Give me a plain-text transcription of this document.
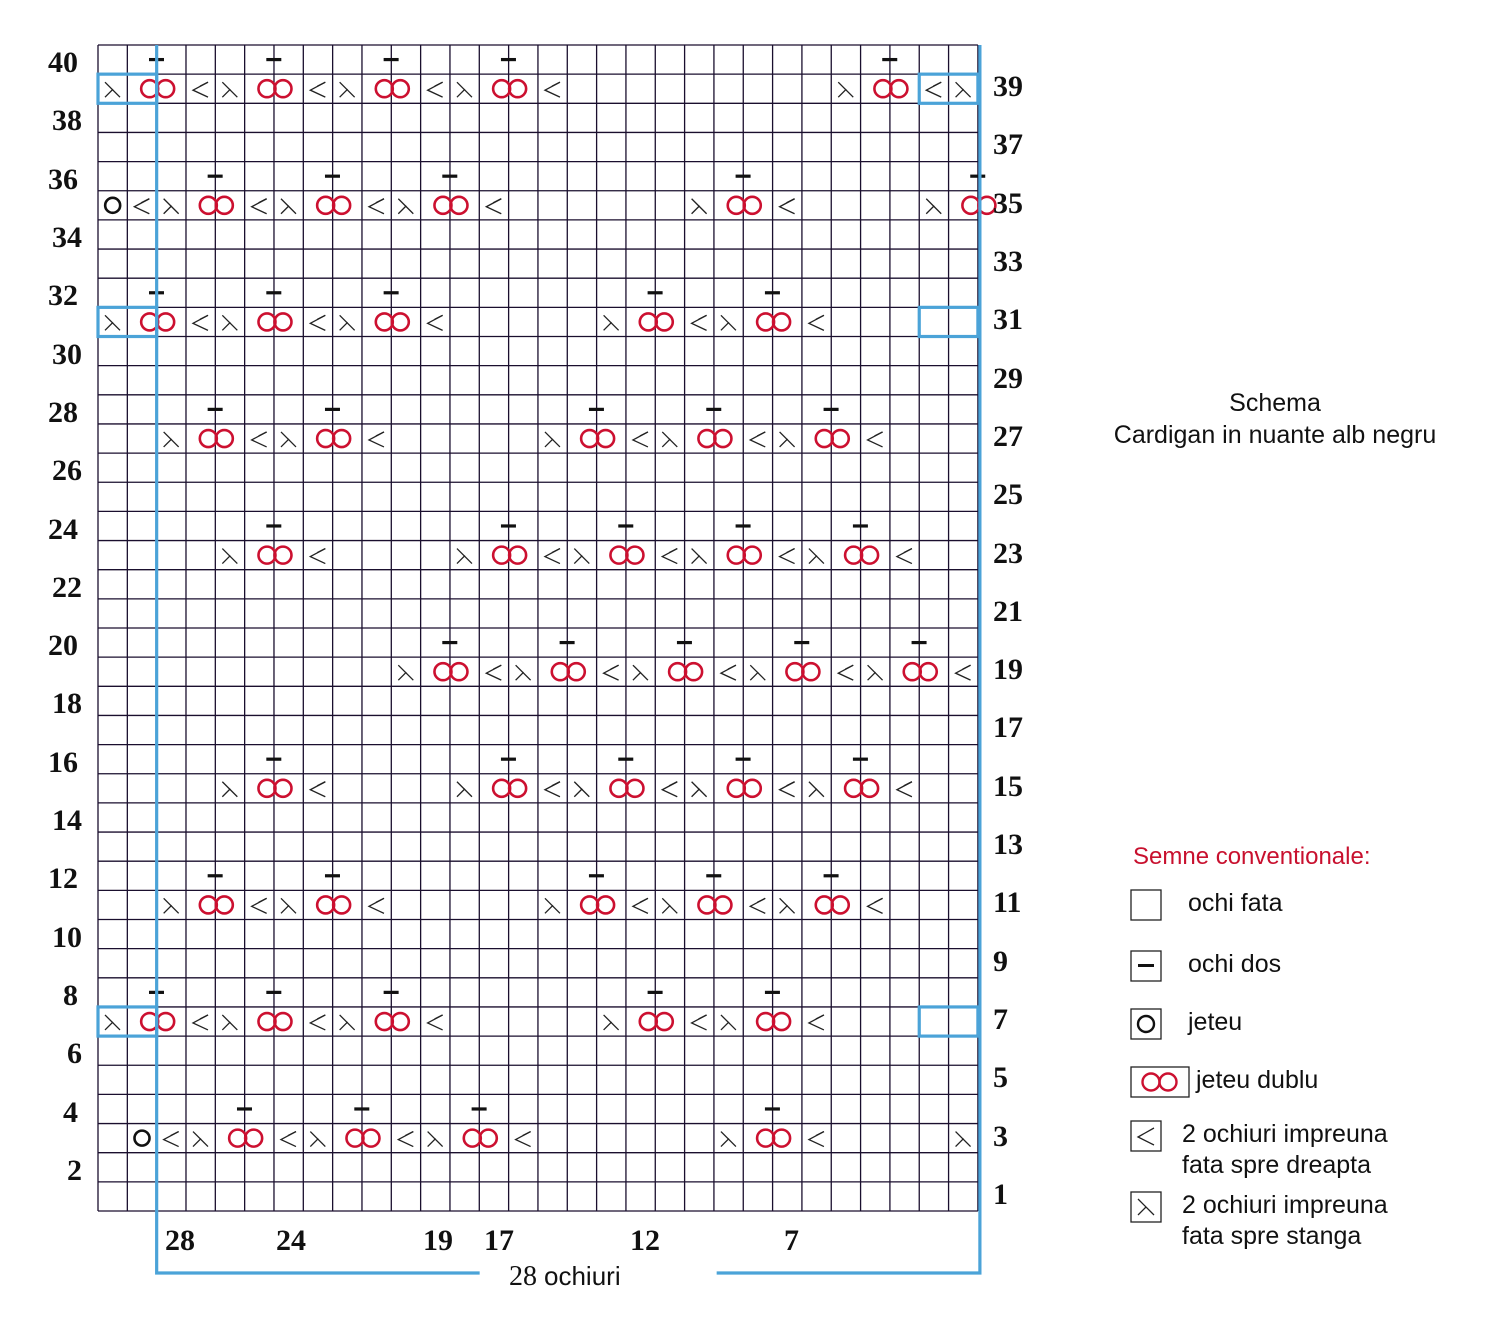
40
38
36
34
32
30
28
26
24
22
20
18
16
14
12
10
8
6
4
2
39
37
35
33
31
29
27
25
23
21
19
17
15
13
11
9
7
5
3
1
28	24	19 17	12	7
28 ochiuri
Schema
Cardigan in nuante alb negru
Semne conventionale:
ochi fata
ochi dos
jeteu
jeteu dublu
2 ochiuri impreuna
fata spre dreapta
2 ochiuri impreuna
fata spre stanga
